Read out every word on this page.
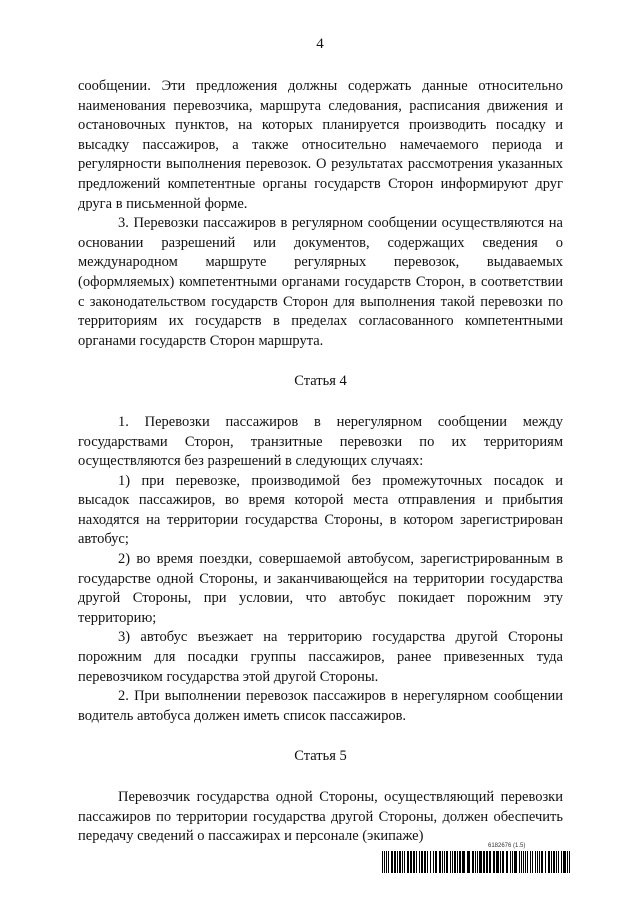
4

сообщении. Эти предложения должны содержать данные относительно наименования перевозчика, маршрута следования, расписания движения и остановочных пунктов, на которых планируется производить посадку и высадку пассажиров, а также относительно намечаемого периода и регулярности выполнения перевозок. О результатах рассмотрения указанных предложений компетентные органы государств Сторон информируют друг друга в письменной форме.

3. Перевозки пассажиров в регулярном сообщении осуществляются на основании разрешений или документов, содержащих сведения о международном маршруте регулярных перевозок, выдаваемых (оформляемых) компетентными органами государств Сторон, в соответствии с законодательством государств Сторон для выполнения такой перевозки по территориям их государств в пределах согласованного компетентными органами государств Сторон маршрута.

Статья 4

1. Перевозки пассажиров в нерегулярном сообщении между государствами Сторон, транзитные перевозки по их территориям осуществляются без разрешений в следующих случаях:

1) при перевозке, производимой без промежуточных посадок и высадок пассажиров, во время которой места отправления и прибытия находятся на территории государства Стороны, в котором зарегистрирован автобус;

2) во время поездки, совершаемой автобусом, зарегистрированным в государстве одной Стороны, и заканчивающейся на территории государства другой Стороны, при условии, что автобус покидает порожним эту территорию;

3) автобус въезжает на территорию государства другой Стороны порожним для посадки группы пассажиров, ранее привезенных туда перевозчиком государства этой другой Стороны.

2. При выполнении перевозок пассажиров в нерегулярном сообщении водитель автобуса должен иметь список пассажиров.

Статья 5

Перевозчик государства одной Стороны, осуществляющий перевозки пассажиров по территории государства другой Стороны, должен обеспечить передачу сведений о пассажирах и персонале (экипаже)

6182676 (1.5)
